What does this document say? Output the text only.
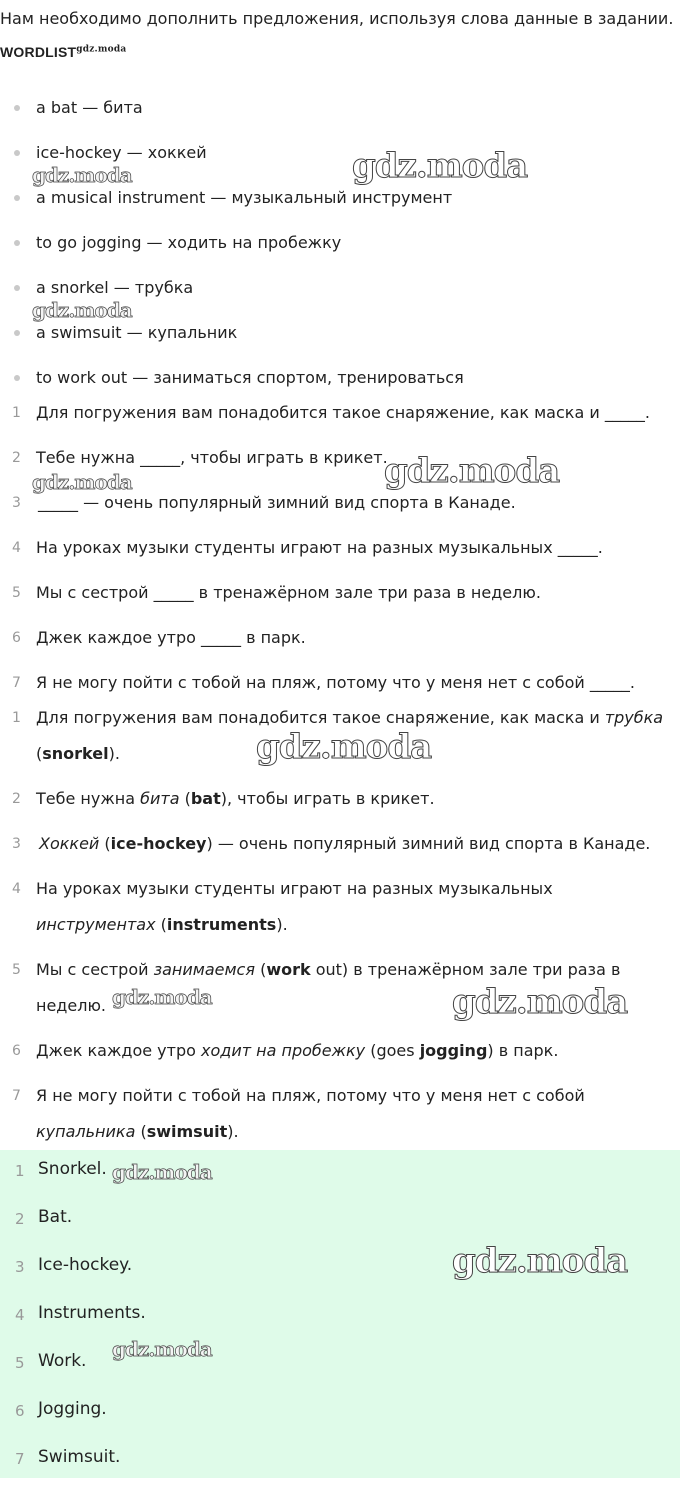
Нам необходимо дополнить предложения, используя слова данные в задании.
$WORDLIST^{gdz.moda}$
a bat — бита
ice-hockey — хоккей
a musical instrument — музыкальный инструмент
to go jogging — ходить на пробежку
a snorkel — трубка
a swimsuit — купальник
to work out — заниматься спортом, тренироваться
1 Для погружения вам понадобится такое снаряжение, как маска и _____.
2 Тебе нужна _____, чтобы играть в крикет.
3	_____ — очень популярный зимний вид спорта в Канаде.
4 На уроках музыки студенты играют на разных музыкальных _____.
5 Мы с сестрой _____ в тренажёрном зале три раза в неделю.
6 Джек каждое утро _____ в парк.
7 Я не могу пойти с тобой на пляж, потому что у меня нет с собой _____.
1 Для погружения вам понадобится такое снаряжение, как маска и трубка (snorkel).
2 Тебе нужна бита (bat), чтобы играть в крикет.
3	Хоккей (ice-hockey) — очень популярный зимний вид спорта в Канаде.
4 На уроках музыки студенты играют на разных музыкальных инструментах (instruments).
5 Мы с сестрой занимаемся (work out) в тренажёрном зале три раза в неделю.
6 Джек каждое утро ходит на пробежку (goes jogging) в парк.
7 Я не могу пойти с тобой на пляж, потому что у меня нет с собой купальника (swimsuit).
1 Snorkel.
2 Bat.
3 Ice-hockey.
4 Instruments.
5 Work.
6 Jogging.
7 Swimsuit.
gdz.moda
gdz.moda
gdz.moda
gdz.moda
gdz.moda
gdz.moda
gdz.moda	gdz.moda
gdz.moda
gdz.moda
gdz.moda
